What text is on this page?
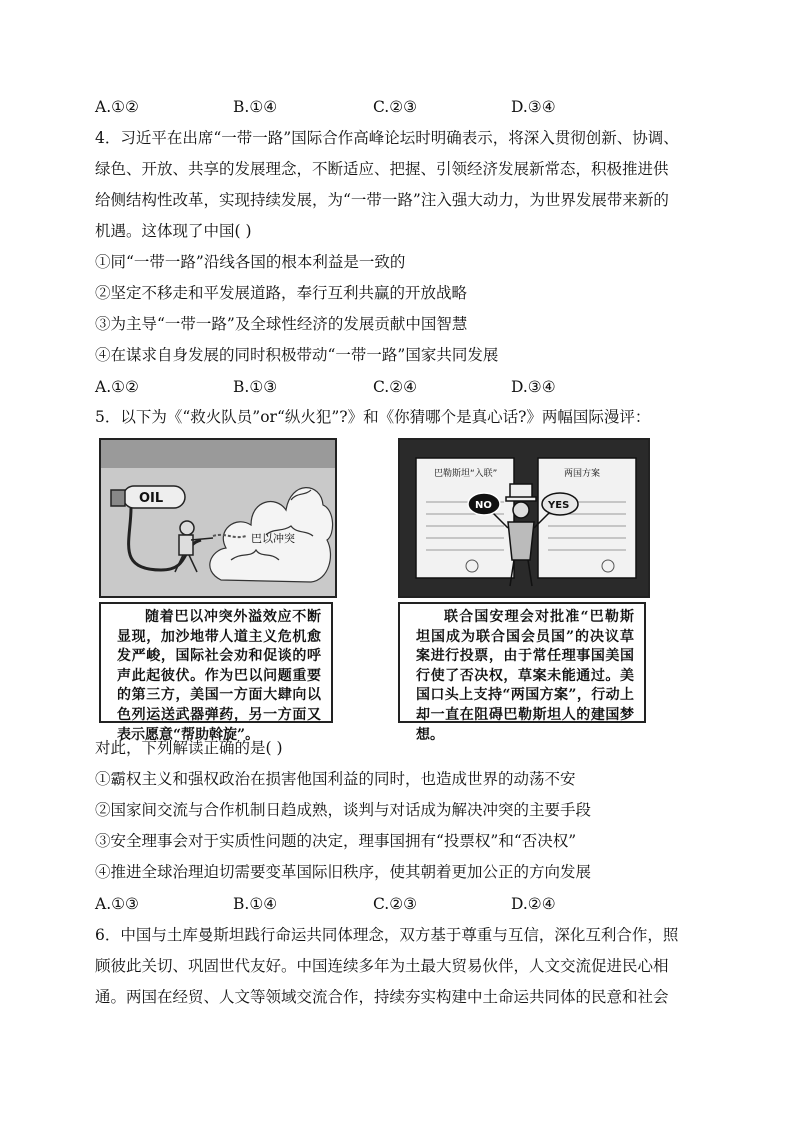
A.①②	B.①④	C.②③	D.③④
4．习近平在出席“一带一路”国际合作高峰论坛时明确表示，将深入贯彻创新、协调、
绿色、开放、共享的发展理念，不断适应、把握、引领经济发展新常态，积极推进供
给侧结构性改革，实现持续发展，为“一带一路”注入强大动力，为世界发展带来新的
机遇。这体现了中国( )
①同“一带一路”沿线各国的根本利益是一致的
②坚定不移走和平发展道路，奉行互利共赢的开放战略
③为主导“一带一路”及全球性经济的发展贡献中国智慧
④在谋求自身发展的同时积极带动“一带一路”国家共同发展
A.①②	B.①③	C.②④	D.③④
5．以下为《“救火队员”or“纵火犯”?》和《你猜哪个是真心话?》两幅国际漫评：
OIL
巴以冲突

随着巴以冲突外溢效应不断显现，加沙地带人道主义危机愈发严峻，国际社会劝和促谈的呼声此起彼伏。作为巴以问题重要的第三方，美国一方面大肆向以色列运送武器弹药，另一方面又表示愿意“帮助斡旋”。

巴勒斯坦“入联”	两国方案
NO	YES

联合国安理会对批准“巴勒斯坦国成为联合国会员国”的决议草案进行投票，由于常任理事国美国行使了否决权，草案未能通过。美国口头上支持“两国方案”，行动上却一直在阻碍巴勒斯坦人的建国梦想。

对此，下列解读正确的是( )
①霸权主义和强权政治在损害他国利益的同时，也造成世界的动荡不安
②国家间交流与合作机制日趋成熟，谈判与对话成为解决冲突的主要手段
③安全理事会对于实质性问题的决定，理事国拥有“投票权”和“否决权”
④推进全球治理迫切需要变革国际旧秩序，使其朝着更加公正的方向发展
A.①③	B.①④	C.②③	D.②④
6．中国与土库曼斯坦践行命运共同体理念，双方基于尊重与互信，深化互利合作，照
顾彼此关切、巩固世代友好。中国连续多年为土最大贸易伙伴，人文交流促进民心相
通。两国在经贸、人文等领域交流合作，持续夯实构建中土命运共同体的民意和社会
